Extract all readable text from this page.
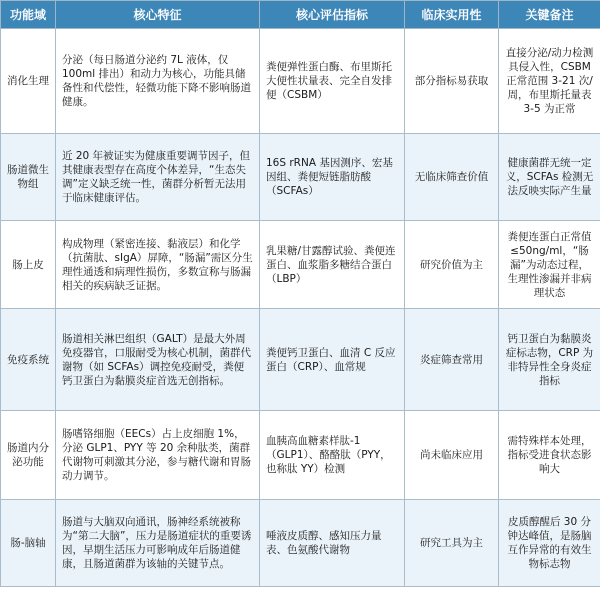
功能域	核心特征	核心评估指标	临床实用性	关键备注
消化生理	分泌（每日肠道分泌约 7L 液体，仅 100ml 排出）和动力为核心，功能具储备性和代偿性，轻微功能下降不影响肠道健康。	粪便弹性蛋白酶、布里斯托大便性状量表、完全自发排便（CSBM）	部分指标易获取	直接分泌/动力检测具侵入性，CSBM 正常范围 3-21 次/周，布里斯托量表 3-5 为正常
肠道微生物组	近 20 年被证实为健康重要调节因子，但其健康表型存在高度个体差异，“生态失调”定义缺乏统一性，菌群分析暂无法用于临床健康评估。	16S rRNA 基因测序、宏基因组、粪便短链脂肪酸（SCFAs）	无临床筛查价值	健康菌群无统一定义，SCFAs 检测无法反映实际产生量
肠上皮	构成物理（紧密连接、黏液层）和化学（抗菌肽、sIgA）屏障，“肠漏”需区分生理性通透和病理性损伤，多数宣称与肠漏相关的疾病缺乏证据。	乳果糖/甘露醇试验、粪便连蛋白、血浆脂多糖结合蛋白（LBP）	研究价值为主	粪便连蛋白正常值≤50ng/ml，“肠漏”为动态过程，生理性渗漏并非病理状态
免疫系统	肠道相关淋巴组织（GALT）是最大外周免疫器官，口服耐受为核心机制，菌群代谢物（如 SCFAs）调控免疫耐受，粪便钙卫蛋白为黏膜炎症首选无创指标。	粪便钙卫蛋白、血清 C 反应蛋白（CRP）、血常规	炎症筛查常用	钙卫蛋白为黏膜炎症标志物，CRP 为非特异性全身炎症指标
肠道内分泌功能	肠嗜铬细胞（EECs）占上皮细胞 1%，分泌 GLP1、PYY 等 20 余种肽类，菌群代谢物可刺激其分泌，参与糖代谢和胃肠动力调节。	血胰高血糖素样肽-1（GLP1）、酪酪肽（PYY，也称肽 YY）检测	尚未临床应用	需特殊样本处理，指标受进食状态影响大
肠-脑轴	肠道与大脑双向通讯，肠神经系统被称为“第二大脑”，压力是肠道症状的重要诱因，早期生活压力可影响成年后肠道健康，且肠道菌群为该轴的关键节点。	唾液皮质醇、感知压力量表、色氨酸代谢物	研究工具为主	皮质醇醒后 30 分钟达峰值，是肠脑互作异常的有效生物标志物
